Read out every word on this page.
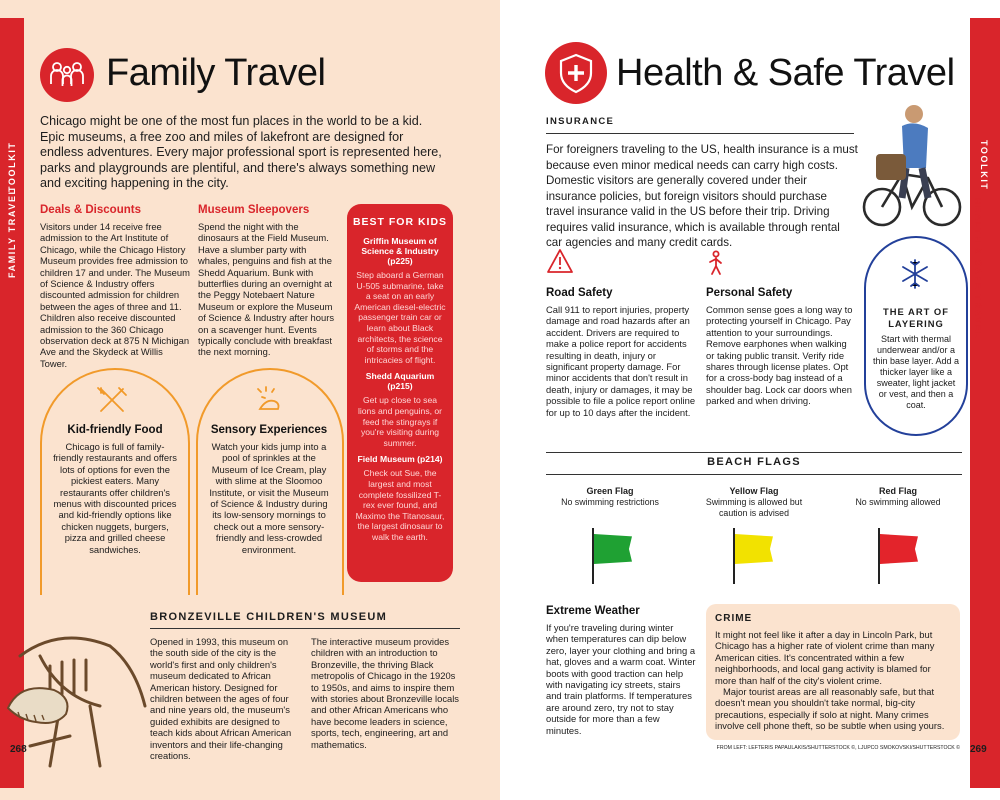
TOOLKIT
FAMILY TRAVEL
Family Travel
Chicago might be one of the most fun places in the world to be a kid. Epic museums, a free zoo and miles of lakefront are designed for endless adventures. Every major professional sport is represented here, parks and playgrounds are plentiful, and there's always something new and exciting happening in the city.
Deals & Discounts
Visitors under 14 receive free admission to the Art Institute of Chicago, while the Chicago History Museum provides free admission to children 17 and under. The Museum of Science & Industry offers discounted admission for children between the ages of three and 11. Children also receive discounted admission to the 360 Chicago observation deck at 875 N Michigan Ave and the Skydeck at Willis Tower.
Museum Sleepovers
Spend the night with the dinosaurs at the Field Museum. Have a slumber party with whales, penguins and fish at the Shedd Aquarium. Bunk with butterflies during an overnight at the Peggy Notebaert Nature Museum or explore the Museum of Science & Industry after hours on a scavenger hunt. Events typically conclude with breakfast the next morning.
BEST FOR KIDS
Griffin Museum of Science & Industry (p225)
Step aboard a German U-505 submarine, take a seat on an early American diesel-electric passenger train car or learn about Black architects, the science of storms and the intricacies of flight.
Shedd Aquarium (p215)
Get up close to sea lions and penguins, or feed the stingrays if you're visiting during summer.
Field Museum (p214)
Check out Sue, the largest and most complete fossilized T-rex ever found, and Maximo the Titanosaur, the largest dinosaur to walk the earth.
Kid-friendly Food
Chicago is full of family-friendly restaurants and offers lots of options for even the pickiest eaters. Many restaurants offer children's menus with discounted prices and kid-friendly options like chicken nuggets, burgers, pizza and grilled cheese sandwiches.
Sensory Experiences
Watch your kids jump into a pool of sprinkles at the Museum of Ice Cream, play with slime at the Sloomoo Institute, or visit the Museum of Science & Industry during its low-sensory mornings to check out a more sensory-friendly and less-crowded environment.
BRONZEVILLE CHILDREN'S MUSEUM
Opened in 1993, this museum on the south side of the city is the world's first and only children's museum dedicated to African American history. Designed for children between the ages of four and nine years old, the museum's guided exhibits are designed to teach kids about African American inventors and their life-changing creations.
The interactive museum provides children with an introduction to Bronzeville, the thriving Black metropolis of Chicago in the 1920s to 1950s, and aims to inspire them with stories about Bronzeville locals and other African Americans who have become leaders in science, sports, tech, engineering, art and mathematics.
268
TOOLKIT
HEALTH & SAFE TRAVEL
Health & Safe Travel
INSURANCE
For foreigners traveling to the US, health insurance is a must because even minor medical needs can carry high costs. Domestic visitors are generally covered under their insurance policies, but foreign visitors should purchase travel insurance valid in the US before their trip. Driving requires valid insurance, which is available through rental car agencies and many credit cards.
Road Safety
Call 911 to report injuries, property damage and road hazards after an accident. Drivers are required to make a police report for accidents resulting in death, injury or significant property damage. For minor accidents that don't result in death, injury or damages, it may be possible to file a police report online for up to 10 days after the incident.
Personal Safety
Common sense goes a long way to protecting yourself in Chicago. Pay attention to your surroundings. Remove earphones when walking or taking public transit. Verify ride shares through license plates. Opt for a cross-body bag instead of a shoulder bag. Lock car doors when parked and when driving.
THE ART OF LAYERING
Start with thermal underwear and/or a thin base layer. Add a thicker layer like a sweater, light jacket or vest, and then a coat.
BEACH FLAGS
Green Flag
No swimming restrictions
Yellow Flag
Swimming is allowed but caution is advised
Red Flag
No swimming allowed
Extreme Weather
If you're traveling during winter when temperatures can dip below zero, layer your clothing and bring a hat, gloves and a warm coat. Winter boots with good traction can help with navigating icy streets, stairs and train platforms. If temperatures are around zero, try not to stay outside for more than a few minutes.
CRIME
It might not feel like it after a day in Lincoln Park, but Chicago has a higher rate of violent crime than many American cities. It's concentrated within a few neighborhoods, and local gang activity is blamed for more than half of the city's violent crime.
Major tourist areas are all reasonably safe, but that doesn't mean you shouldn't take normal, big-city precautions, especially if solo at night. Many crimes involve cell phone theft, so be subtle when using yours.
FROM LEFT: LEFTERIS PAPAULAKIS/SHUTTERSTOCK ©, LJUPCO SMOKOVSKI/SHUTTERSTOCK © 269
